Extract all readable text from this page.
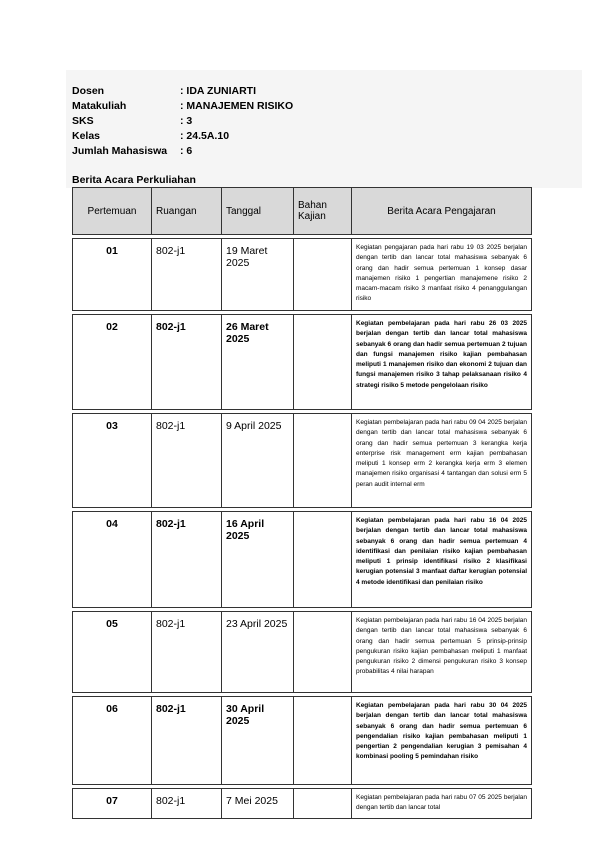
Dosen	: IDA ZUNIARTI
Matakuliah	: MANAJEMEN RISIKO
SKS	: 3
Kelas	: 24.5A.10
Jumlah Mahasiswa	: 6
Berita Acara Perkuliahan
Pertemuan	Ruangan	Tanggal	Bahan Kajian	Berita Acara Pengajaran

01	802-j1	19 Maret 2025		Kegiatan pengajaran pada hari rabu 19 03 2025 berjalan dengan tertib dan lancar total mahasiswa sebanyak 6 orang dan hadir semua pertemuan 1 konsep dasar manajemen risiko 1 pengertian manajemene risiko 2 macam-macam risiko 3 manfaat risiko 4 penanggulangan risiko

02	802-j1	26 Maret 2025		Kegiatan pembelajaran pada hari rabu 26 03 2025 berjalan dengan tertib dan lancar total mahasiswa sebanyak 6 orang dan hadir semua pertemuan 2 tujuan dan fungsi manajemen risiko kajian pembahasan meliputi 1 manajemen risiko dan ekonomi 2 tujuan dan fungsi manajemen risiko 3 tahap pelaksanaan risiko 4 strategi risiko 5 metode pengelolaan risiko

03	802-j1	9 April 2025		Kegiatan pembelajaran pada hari rabu 09 04 2025 berjalan dengan tertib dan lancar total mahasiswa sebanyak 6 orang dan hadir semua pertemuan 3 kerangka kerja enterprise risk management erm kajian pembahasan meliputi 1 konsep erm 2 kerangka kerja erm 3 elemen manajemen risiko organisasi 4 tantangan dan solusi erm 5 peran audit internal erm

04	802-j1	16 April 2025		Kegiatan pembelajaran pada hari rabu 16 04 2025 berjalan dengan tertib dan lancar total mahasiswa sebanyak 6 orang dan hadir semua pertemuan 4 identifikasi dan penilaian risiko kajian pembahasan meliputi 1 prinsip identifikasi risiko 2 klasifikasi kerugian potensial 3 manfaat daftar kerugian potensial 4 metode identifikasi dan penilaian risiko

05	802-j1	23 April 2025		Kegiatan pembelajaran pada hari rabu 16 04 2025 berjalan dengan tertib dan lancar total mahasiswa sebanyak 6 orang dan hadir semua pertemuan 5 prinsip-prinsip pengukuran risiko kajian pembahasan meliputi 1 manfaat pengukuran risiko 2 dimensi pengukuran risiko 3 konsep probabilitas 4 nilai harapan

06	802-j1	30 April 2025		Kegiatan pembelajaran pada hari rabu 30 04 2025 berjalan dengan tertib dan lancar total mahasiswa sebanyak 6 orang dan hadir semua pertemuan 6 pengendalian risiko kajian pembahasan meliputi 1 pengertian 2 pengendalian kerugian 3 pemisahan 4 kombinasi pooling 5 pemindahan risiko

07	802-j1	7 Mei 2025		Kegiatan pembelajaran pada hari rabu 07 05 2025 berjalan dengan tertib dan lancar total
